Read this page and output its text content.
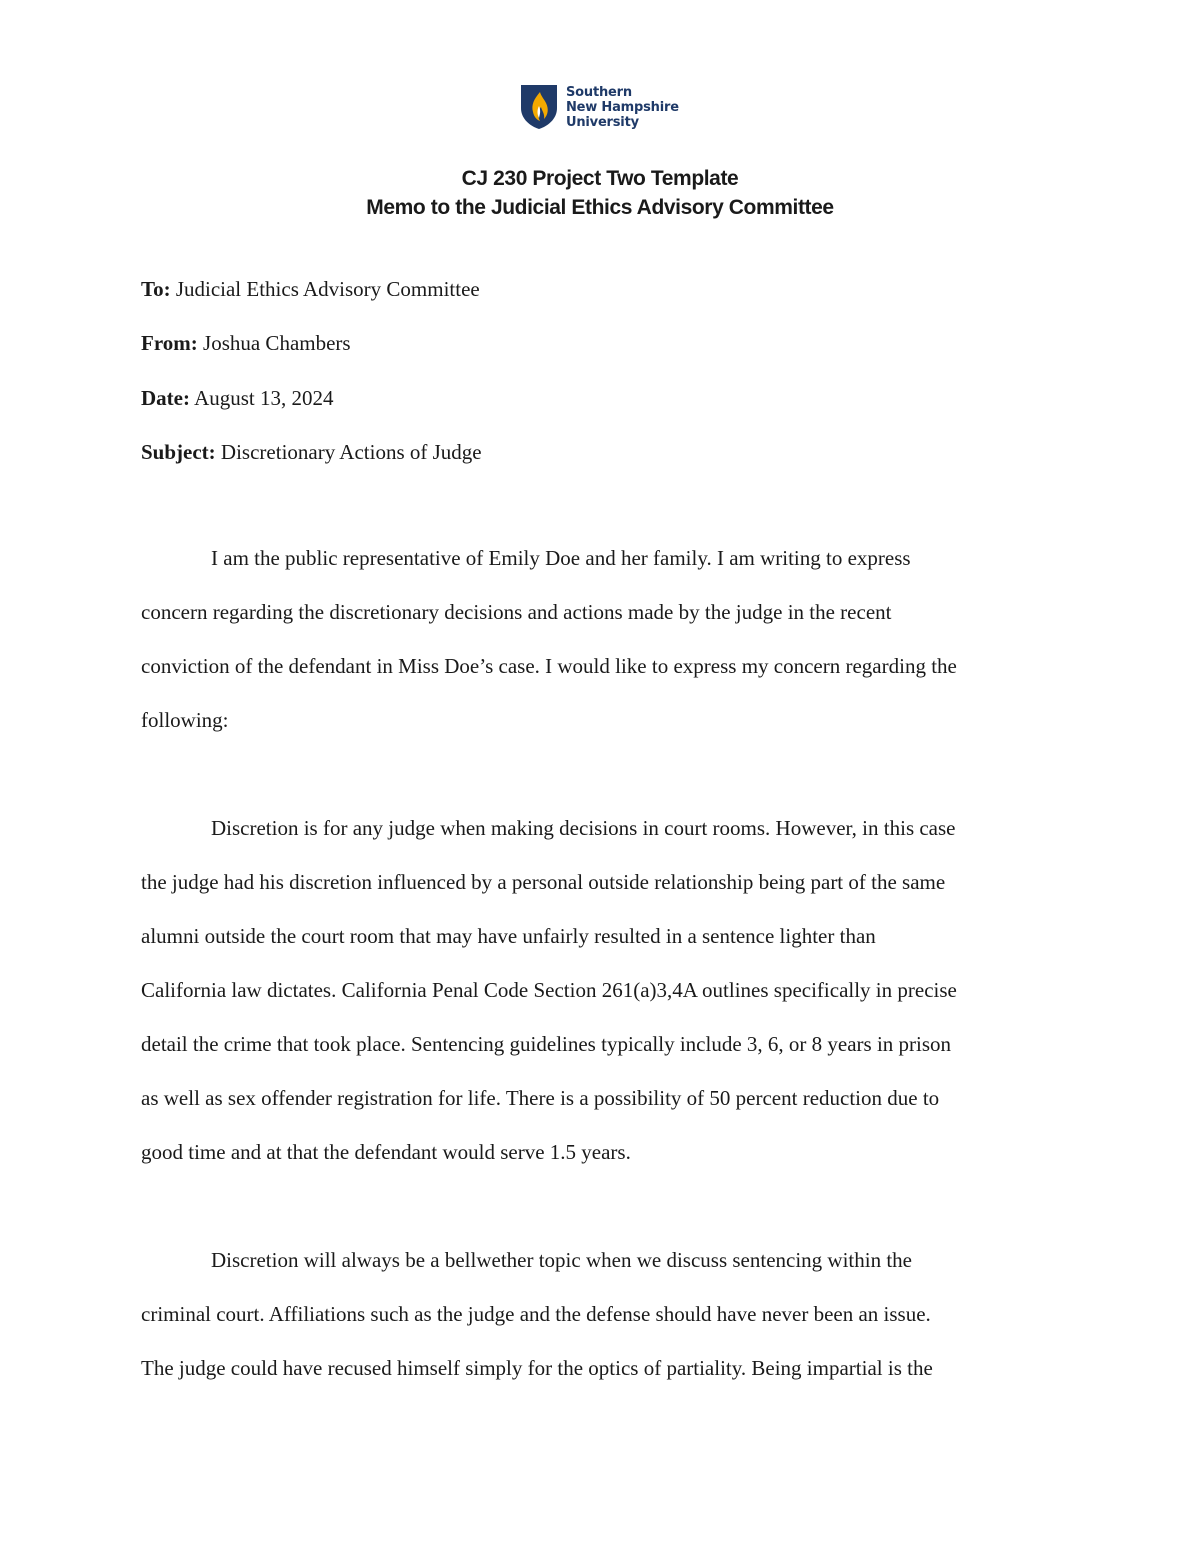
Southern
New Hampshire
University
CJ 230 Project Two Template
Memo to the Judicial Ethics Advisory Committee
To: Judicial Ethics Advisory Committee
From: Joshua Chambers
Date: August 13, 2024
Subject: Discretionary Actions of Judge
I am the public representative of Emily Doe and her family. I am writing to express
concern regarding the discretionary decisions and actions made by the judge in the recent
conviction of the defendant in Miss Doe’s case. I would like to express my concern regarding the
following:
Discretion is for any judge when making decisions in court rooms. However, in this case
the judge had his discretion influenced by a personal outside relationship being part of the same
alumni outside the court room that may have unfairly resulted in a sentence lighter than
California law dictates. California Penal Code Section 261(a)3,4A outlines specifically in precise
detail the crime that took place. Sentencing guidelines typically include 3, 6, or 8 years in prison
as well as sex offender registration for life. There is a possibility of 50 percent reduction due to
good time and at that the defendant would serve 1.5 years.
Discretion will always be a bellwether topic when we discuss sentencing within the
criminal court. Affiliations such as the judge and the defense should have never been an issue.
The judge could have recused himself simply for the optics of partiality. Being impartial is the
